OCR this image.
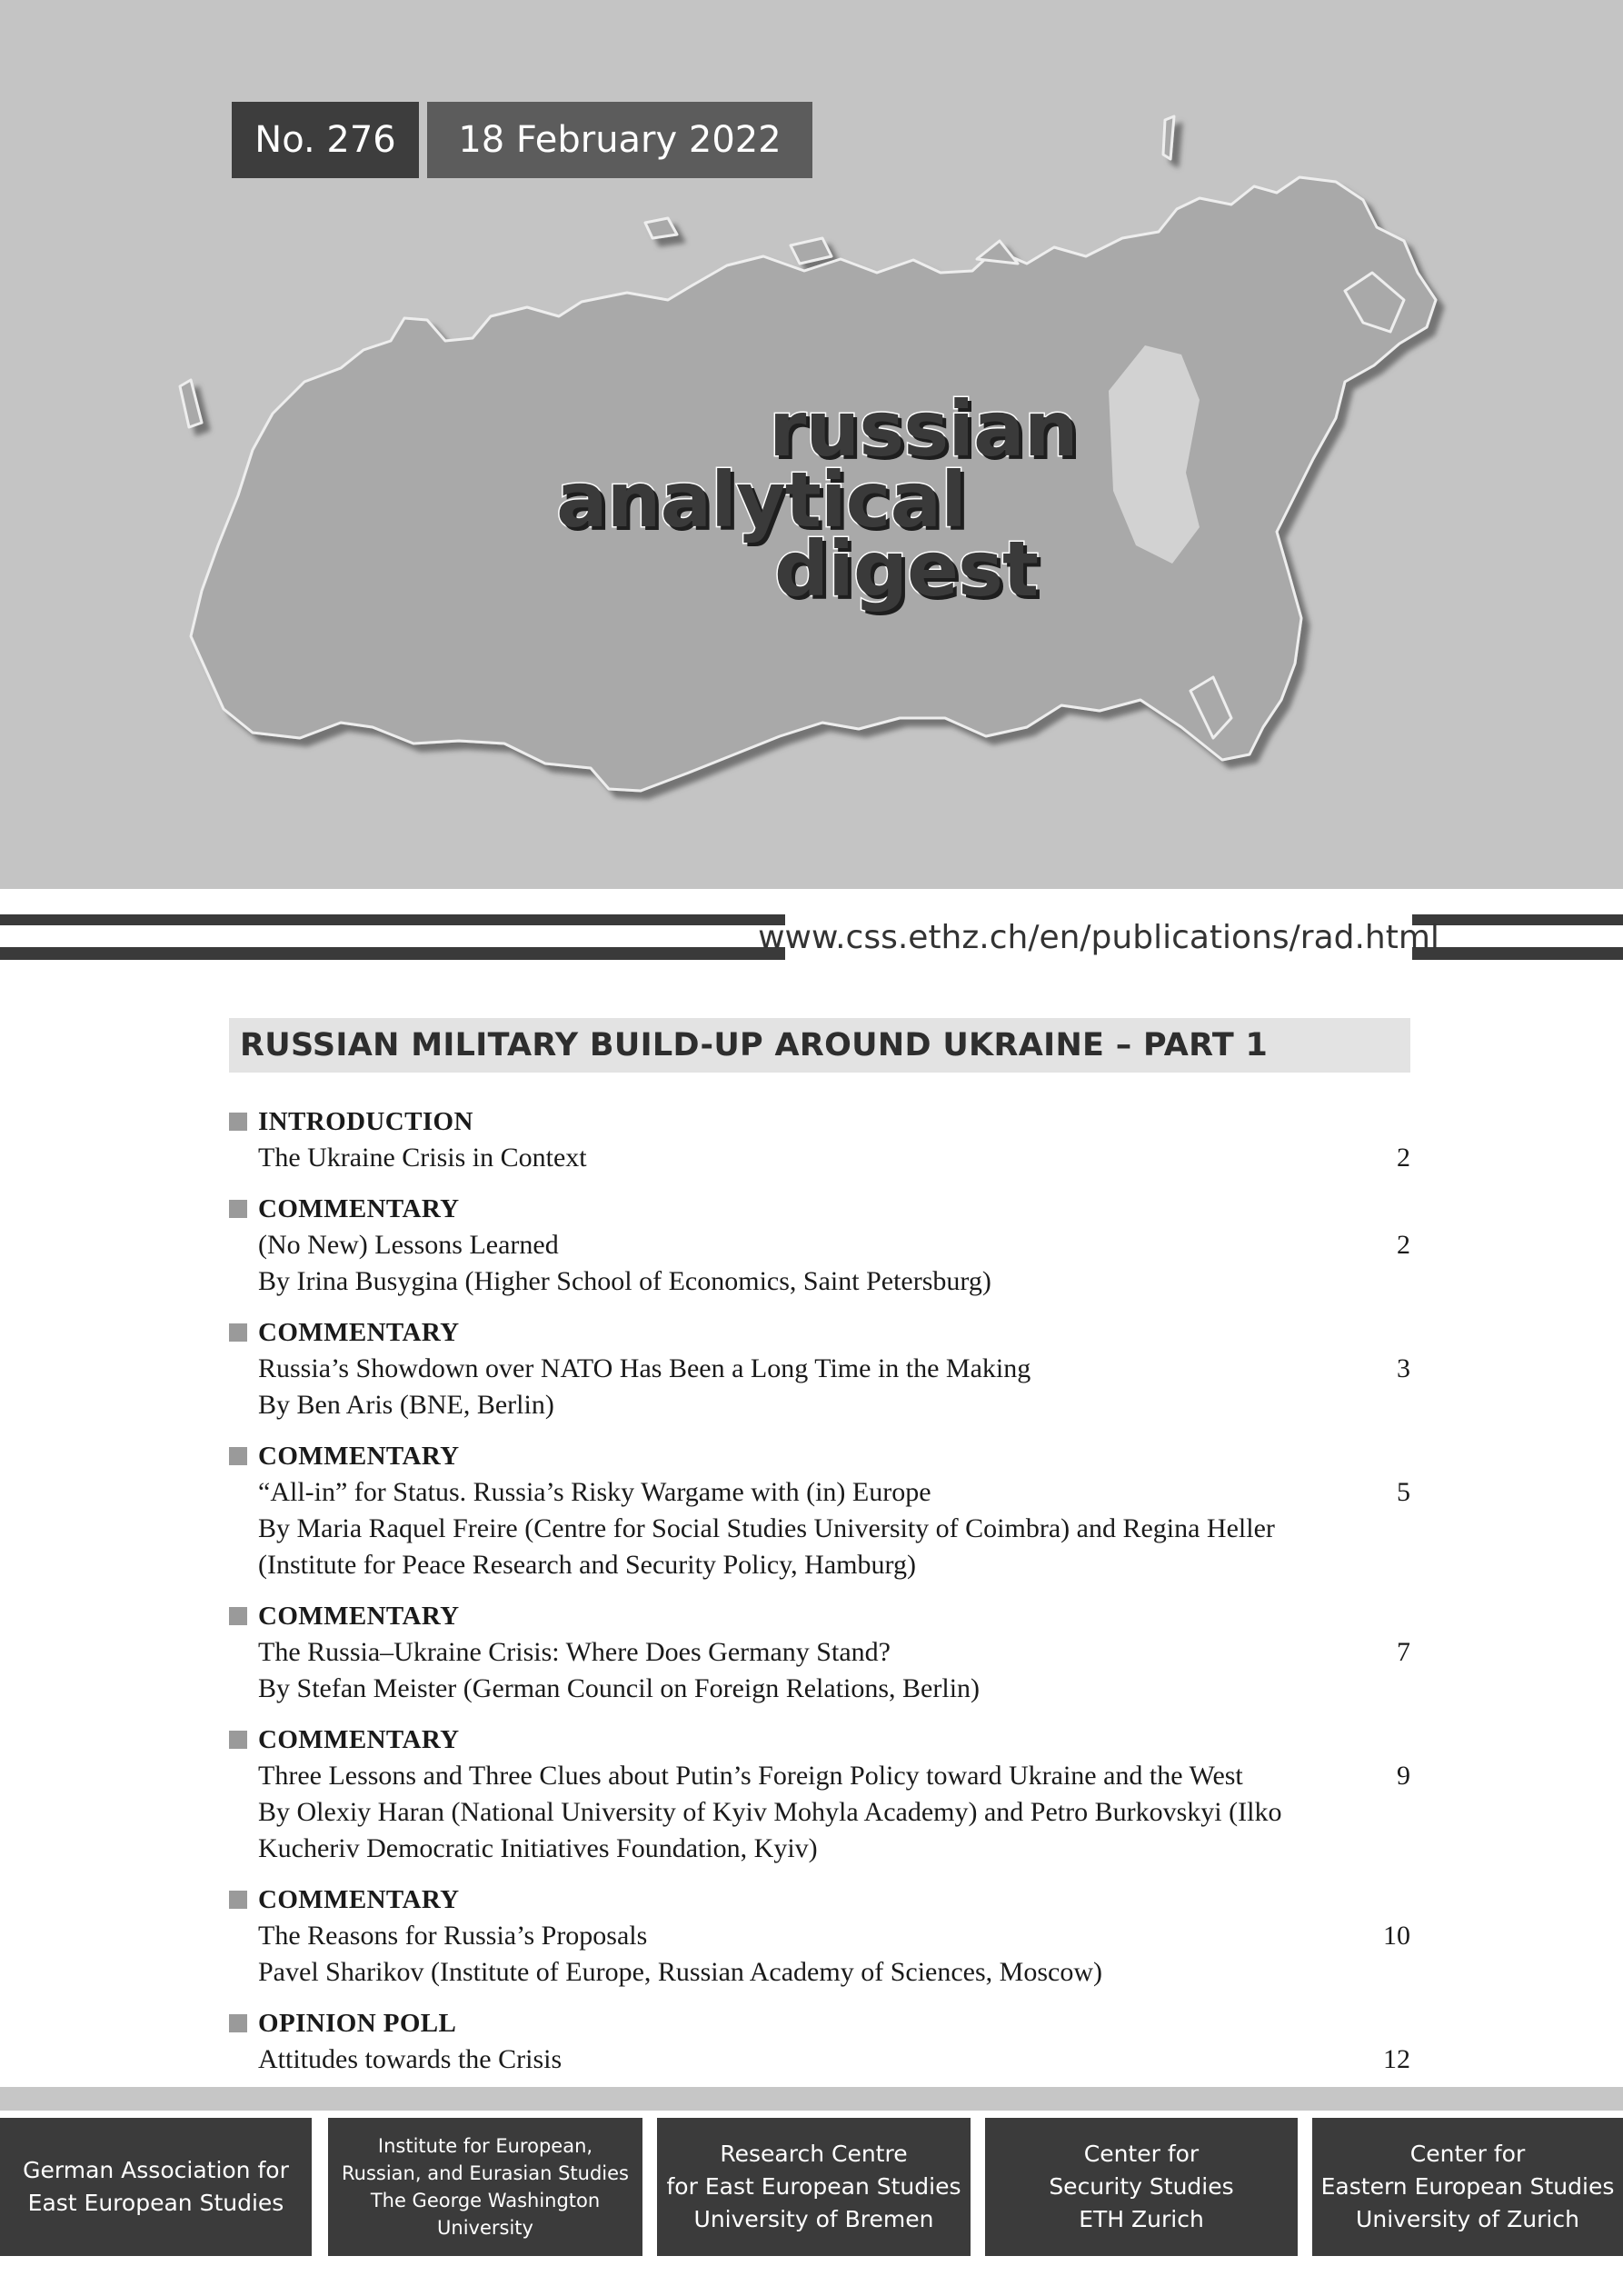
No. 276	18 February 2022
russian
analytical
digest
www.css.ethz.ch/en/publications/rad.html
RUSSIAN MILITARY BUILD-UP AROUND UKRAINE – PART 1
INTRODUCTION
The Ukraine Crisis in Context	2
COMMENTARY
(No New) Lessons Learned	2
By Irina Busygina (Higher School of Economics, Saint Petersburg)
COMMENTARY
Russia’s Showdown over NATO Has Been a Long Time in the Making	3
By Ben Aris (BNE, Berlin)
COMMENTARY
“All-in” for Status. Russia’s Risky Wargame with (in) Europe	5
By Maria Raquel Freire (Centre for Social Studies University of Coimbra) and Regina Heller
(Institute for Peace Research and Security Policy, Hamburg)
COMMENTARY
The Russia–Ukraine Crisis: Where Does Germany Stand?	7
By Stefan Meister (German Council on Foreign Relations, Berlin)
COMMENTARY
Three Lessons and Three Clues about Putin’s Foreign Policy toward Ukraine and the West	9
By Olexiy Haran (National University of Kyiv Mohyla Academy) and Petro Burkovskyi (Ilko
Kucheriv Democratic Initiatives Foundation, Kyiv)
COMMENTARY
The Reasons for Russia’s Proposals	10
Pavel Sharikov (Institute of Europe, Russian Academy of Sciences, Moscow)
OPINION POLL
Attitudes towards the Crisis	12
German Association for
East European Studies
Institute for European,
Russian, and Eurasian Studies
The George Washington
University
Research Centre
for East European Studies
University of Bremen
Center for
Security Studies
ETH Zurich
Center for
Eastern European Studies
University of Zurich
